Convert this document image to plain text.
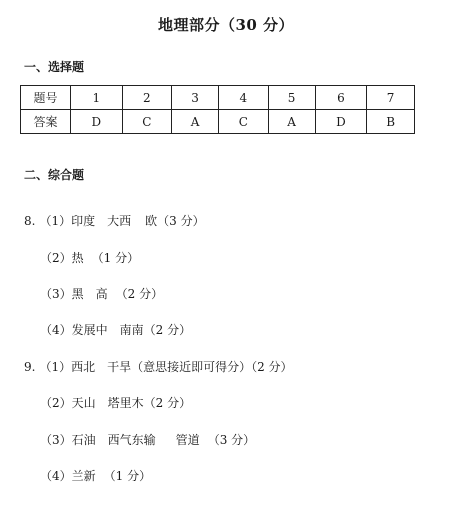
地理部分（30 分）
一、选择题
题号	1	2	3	4	5	6	7
答案	D	C	A	C	A	D	B
二、综合题
8. （1）印度 大西 欧（3 分）
（2）热 （1 分）
（3）黑 高 （2 分）
（4）发展中 南南（2 分）
9. （1）西北 干旱（意思接近即可得分）（2 分）
（2）天山 塔里木（2 分）
（3）石油 西气东输 管道 （3 分）
（4）兰新 （1 分）
